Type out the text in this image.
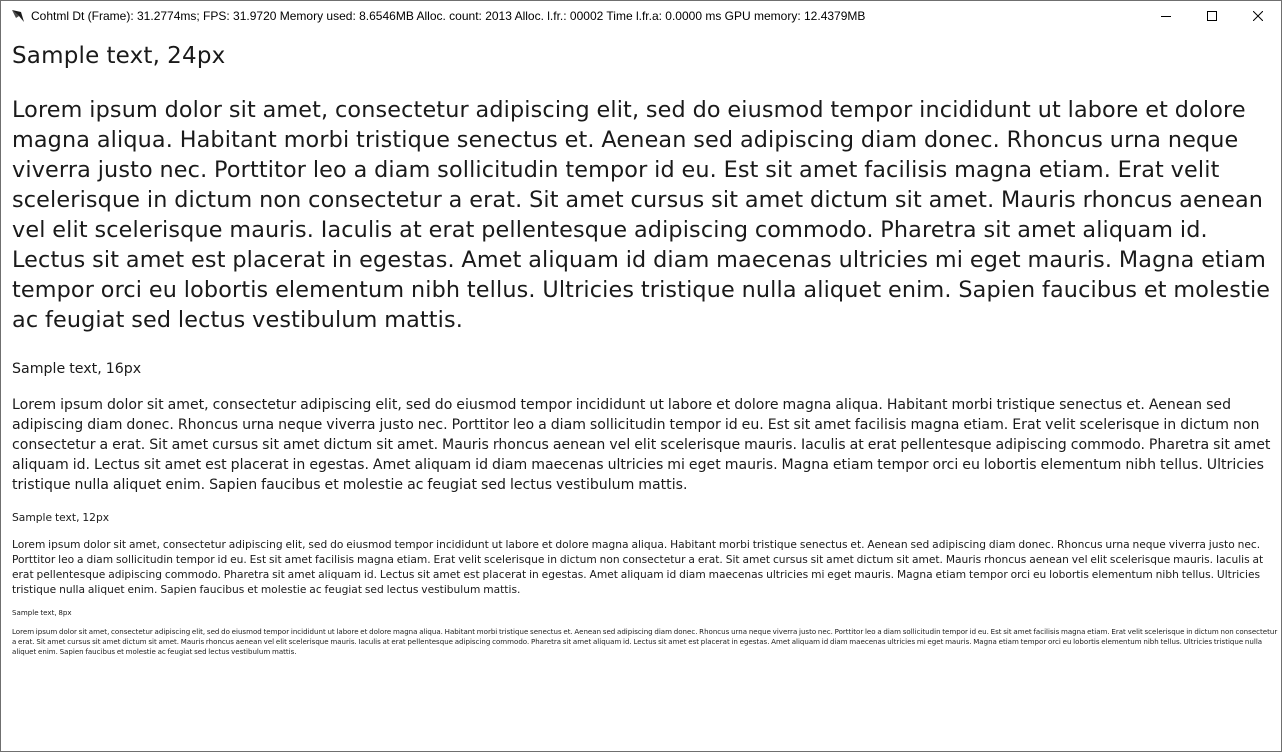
Cohtml Dt (Frame): 31.2774ms; FPS: 31.9720 Memory used: 8.6546MB Alloc. count: 2013 Alloc. l.fr.: 00002 Time l.fr.a: 0.0000 ms GPU memory: 12.4379MB

Sample text, 24px

Lorem ipsum dolor sit amet, consectetur adipiscing elit, sed do eiusmod tempor incididunt ut labore et dolore magna aliqua. Habitant morbi tristique senectus et. Aenean sed adipiscing diam donec. Rhoncus urna neque viverra justo nec. Porttitor leo a diam sollicitudin tempor id eu. Est sit amet facilisis magna etiam. Erat velit scelerisque in dictum non consectetur a erat. Sit amet cursus sit amet dictum sit amet. Mauris rhoncus aenean vel elit scelerisque mauris. Iaculis at erat pellentesque adipiscing commodo. Pharetra sit amet aliquam id. Lectus sit amet est placerat in egestas. Amet aliquam id diam maecenas ultricies mi eget mauris. Magna etiam tempor orci eu lobortis elementum nibh tellus. Ultricies tristique nulla aliquet enim. Sapien faucibus et molestie ac feugiat sed lectus vestibulum mattis.

Sample text, 16px

Lorem ipsum dolor sit amet, consectetur adipiscing elit, sed do eiusmod tempor incididunt ut labore et dolore magna aliqua. Habitant morbi tristique senectus et. Aenean sed adipiscing diam donec. Rhoncus urna neque viverra justo nec. Porttitor leo a diam sollicitudin tempor id eu. Est sit amet facilisis magna etiam. Erat velit scelerisque in dictum non consectetur a erat. Sit amet cursus sit amet dictum sit amet. Mauris rhoncus aenean vel elit scelerisque mauris. Iaculis at erat pellentesque adipiscing commodo. Pharetra sit amet aliquam id. Lectus sit amet est placerat in egestas. Amet aliquam id diam maecenas ultricies mi eget mauris. Magna etiam tempor orci eu lobortis elementum nibh tellus. Ultricies tristique nulla aliquet enim. Sapien faucibus et molestie ac feugiat sed lectus vestibulum mattis.

Sample text, 12px

Lorem ipsum dolor sit amet, consectetur adipiscing elit, sed do eiusmod tempor incididunt ut labore et dolore magna aliqua. Habitant morbi tristique senectus et. Aenean sed adipiscing diam donec. Rhoncus urna neque viverra justo nec. Porttitor leo a diam sollicitudin tempor id eu. Est sit amet facilisis magna etiam. Erat velit scelerisque in dictum non consectetur a erat. Sit amet cursus sit amet dictum sit amet. Mauris rhoncus aenean vel elit scelerisque mauris. Iaculis at erat pellentesque adipiscing commodo. Pharetra sit amet aliquam id. Lectus sit amet est placerat in egestas. Amet aliquam id diam maecenas ultricies mi eget mauris. Magna etiam tempor orci eu lobortis elementum nibh tellus. Ultricies tristique nulla aliquet enim. Sapien faucibus et molestie ac feugiat sed lectus vestibulum mattis.

Sample text, 8px

Lorem ipsum dolor sit amet, consectetur adipiscing elit, sed do eiusmod tempor incididunt ut labore et dolore magna aliqua. Habitant morbi tristique senectus et. Aenean sed adipiscing diam donec. Rhoncus urna neque viverra justo nec. Porttitor leo a diam sollicitudin tempor id eu. Est sit amet facilisis magna etiam. Erat velit scelerisque in dictum non consectetur a erat. Sit amet cursus sit amet dictum sit amet. Mauris rhoncus aenean vel elit scelerisque mauris. Iaculis at erat pellentesque adipiscing commodo. Pharetra sit amet aliquam id. Lectus sit amet est placerat in egestas. Amet aliquam id diam maecenas ultricies mi eget mauris. Magna etiam tempor orci eu lobortis elementum nibh tellus. Ultricies tristique nulla aliquet enim. Sapien faucibus et molestie ac feugiat sed lectus vestibulum mattis.
